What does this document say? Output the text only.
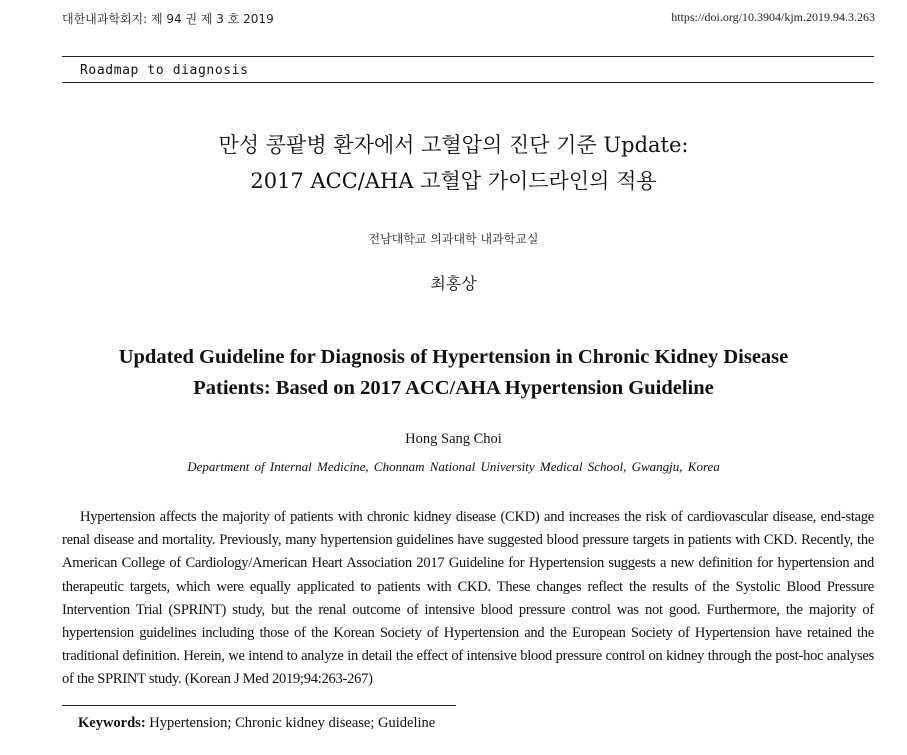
대한내과학회지: 제 94 권 제 3 호 2019	https://doi.org/10.3904/kjm.2019.94.3.263
Roadmap to diagnosis
만성 콩팥병 환자에서 고혈압의 진단 기준 Update:
2017 ACC/AHA 고혈압 가이드라인의 적용
전남대학교 의과대학 내과학교실
최홍상
Updated Guideline for Diagnosis of Hypertension in Chronic Kidney Disease
Patients: Based on 2017 ACC/AHA Hypertension Guideline
Hong Sang Choi
Department of Internal Medicine, Chonnam National University Medical School, Gwangju, Korea

Hypertension affects the majority of patients with chronic kidney disease (CKD) and increases the risk of cardiovascular disease, end-stage renal disease and mortality. Previously, many hypertension guidelines have suggested blood pressure targets in patients with CKD. Recently, the American College of Cardiology/American Heart Association 2017 Guideline for Hypertension suggests a new definition for hypertension and therapeutic targets, which were equally applicated to patients with CKD. These changes reflect the results of the Systolic Blood Pressure Intervention Trial (SPRINT) study, but the renal outcome of intensive blood pressure control was not good. Furthermore, the majority of hypertension guidelines including those of the Korean Society of Hypertension and the European Society of Hypertension have retained the traditional definition. Herein, we intend to analyze in detail the effect of intensive blood pressure control on kidney through the post-hoc analyses of the SPRINT study. (Korean J Med 2019;94:263-267)

Keywords: Hypertension; Chronic kidney disease; Guideline
